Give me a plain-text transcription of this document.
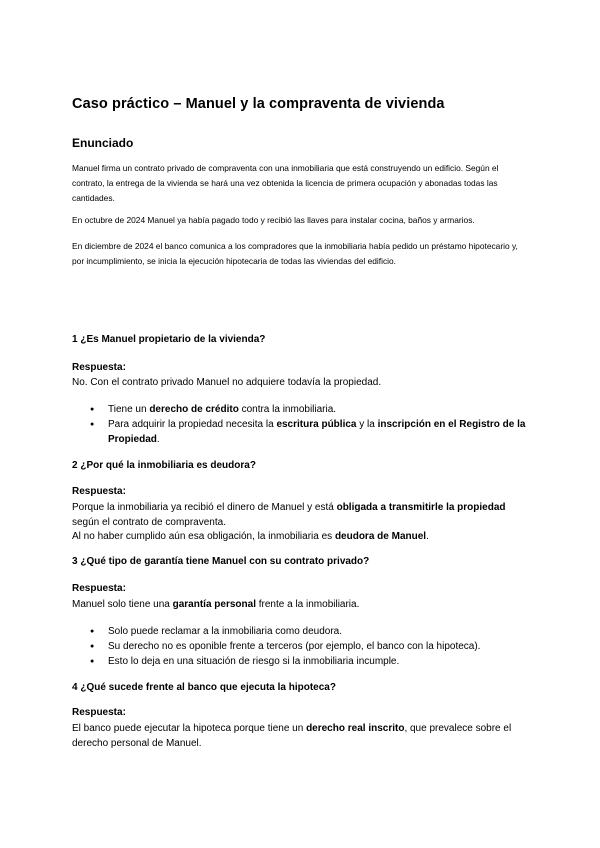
Caso práctico – Manuel y la compraventa de vivienda
Enunciado
Manuel firma un contrato privado de compraventa con una inmobiliaria que está construyendo un edificio. Según el contrato, la entrega de la vivienda se hará una vez obtenida la licencia de primera ocupación y abonadas todas las cantidades.
En octubre de 2024 Manuel ya había pagado todo y recibió las llaves para instalar cocina, baños y armarios.
En diciembre de 2024 el banco comunica a los compradores que la inmobiliaria había pedido un préstamo hipotecario y, por incumplimiento, se inicia la ejecución hipotecaria de todas las viviendas del edificio.
1 ¿Es Manuel propietario de la vivienda?
Respuesta:
No. Con el contrato privado Manuel no adquiere todavía la propiedad.
● Tiene un derecho de crédito contra la inmobiliaria.
● Para adquirir la propiedad necesita la escritura pública y la inscripción en el Registro de la Propiedad.
2 ¿Por qué la inmobiliaria es deudora?
Respuesta:
Porque la inmobiliaria ya recibió el dinero de Manuel y está obligada a transmitirle la propiedad según el contrato de compraventa.
Al no haber cumplido aún esa obligación, la inmobiliaria es deudora de Manuel.
3 ¿Qué tipo de garantía tiene Manuel con su contrato privado?
Respuesta:
Manuel solo tiene una garantía personal frente a la inmobiliaria.
● Solo puede reclamar a la inmobiliaria como deudora.
● Su derecho no es oponible frente a terceros (por ejemplo, el banco con la hipoteca).
● Esto lo deja en una situación de riesgo si la inmobiliaria incumple.
4 ¿Qué sucede frente al banco que ejecuta la hipoteca?
Respuesta:
El banco puede ejecutar la hipoteca porque tiene un derecho real inscrito, que prevalece sobre el derecho personal de Manuel.
